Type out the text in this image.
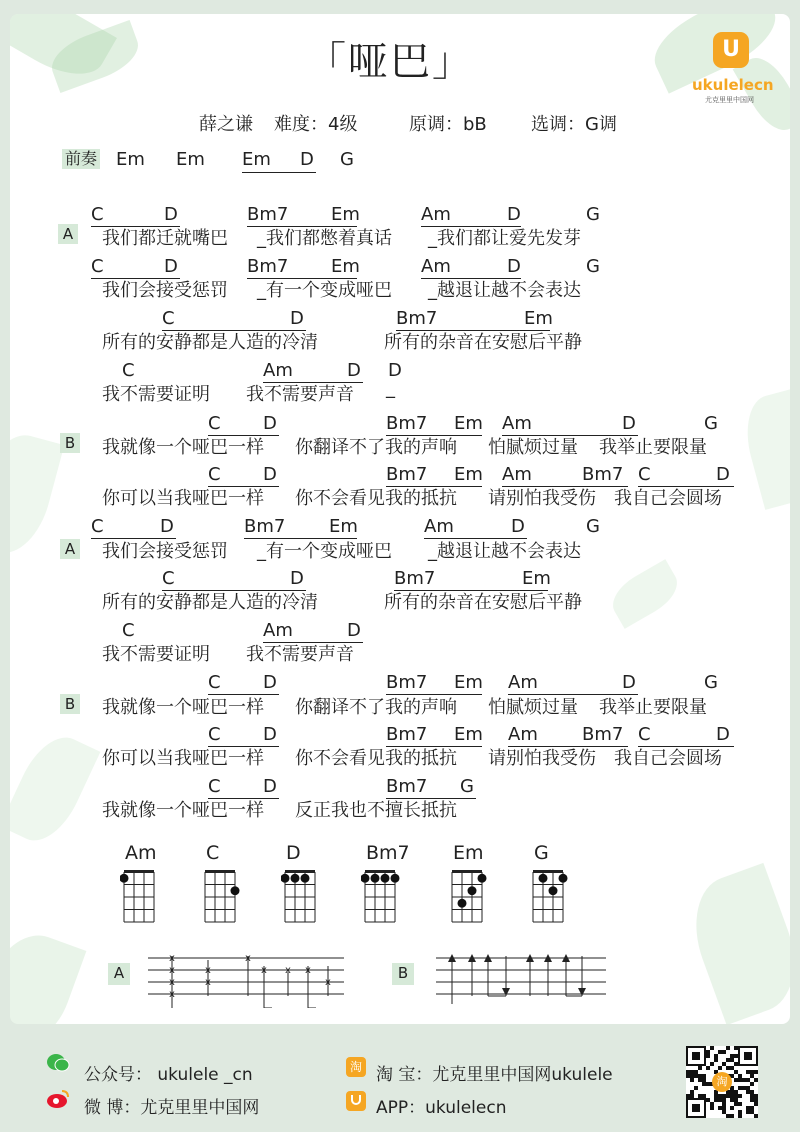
「哑巴」	U
ukulelecn
尤克里里中国网
薛之谦 难度：4级	原调：bB 选调：G调
前奏 Em Em Em D G
A
B
A
B
C	D	Bm7 Em	Am	D	G
我们都迁就嘴巴 _我们都憋着真话 _我们都让爱先发芽
C	D	Bm7 Em	Am	D	G
我们会接受惩罚 _有一个变成哑巴 _越退让越不会表达
C	D	Bm7	Em
所有的安静都是人造的冷清	所有的杂音在安慰后平静
C	Am	D D
我不需要证明 我不需要声音
C D	Bm7 Em Am	D	G
我就像一个哑巴一样 你翻译不了我的声响 怕腻烦过量 我举止要限量
C D	Bm7 Em Am	Bm7 C	D
你可以当我哑巴一样 你不会看见我的抵抗 请别怕我受伤 我自己会圆场
C	D	Bm7 Em	Am	D	G
我们会接受惩罚 _有一个变成哑巴 _越退让越不会表达
C	D	Bm7	Em
所有的安静都是人造的冷清	所有的杂音在安慰后平静
C	Am	D
我不需要证明 我不需要声音
C D	Bm7 Em Am	D	G
我就像一个哑巴一样 你翻译不了我的声响 怕腻烦过量 我举止要限量
C D	Bm7 Em Am Bm7 C	D
你可以当我哑巴一样 你不会看见我的抵抗 请别怕我受伤 我自己会圆场
C D	Bm7 G
我就像一个哑巴一样 反正我也不擅长抵抗
_
Am	C	D	Bm7 Em	G
A	B
x
x
x
x
x
x
x
x x x
x
公众号： ukulele _cn	淘 淘 宝：尤克里里中国网ukulele
微 博：尤克里里中国网	APP：ukulelecn
淘
